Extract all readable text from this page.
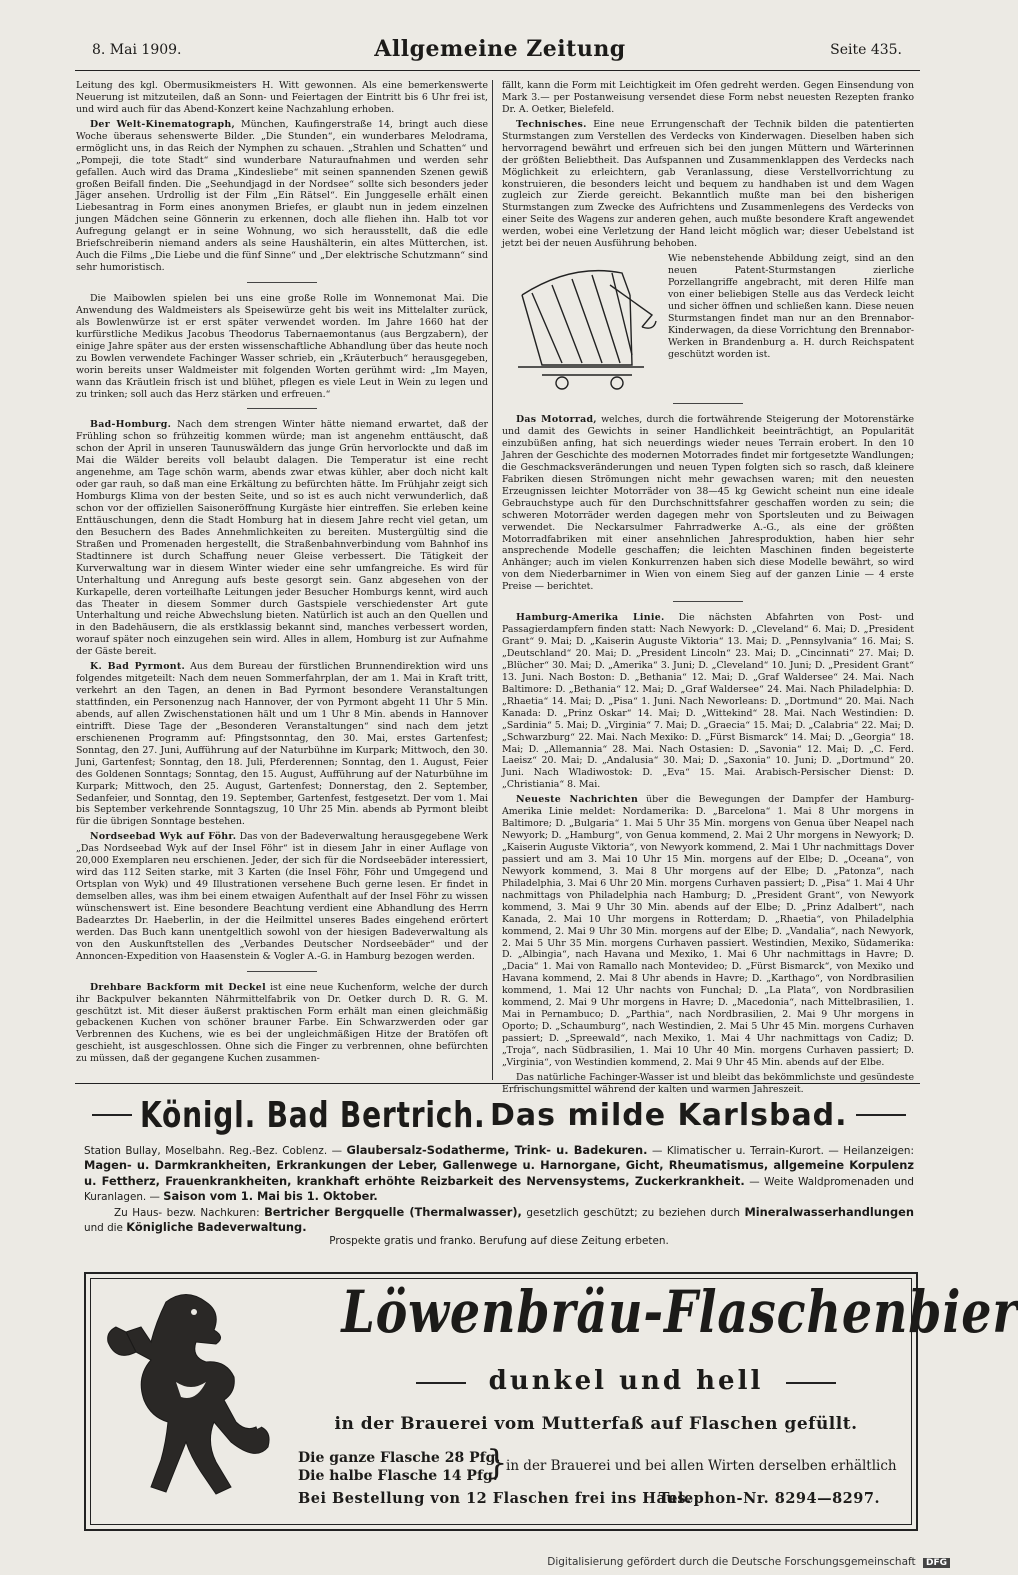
8. Mai 1909.	Allgemeine Zeitung	Seite 435.

Leitung des kgl. Obermusikmeisters H. Witt gewonnen. Als eine bemerkenswerte Neuerung ist mitzuteilen, daß an Sonn- und Feiertagen der Eintritt bis 6 Uhr frei ist, und wird auch für das Abend-Konzert keine Nachzahlung erhoben.

Der Welt-Kinematograph, München, Kaufingerstraße 14, bringt auch diese Woche überaus sehenswerte Bilder. „Die Stunden“, ein wunderbares Melodrama, ermöglicht uns, in das Reich der Nymphen zu schauen. „Strahlen und Schatten“ und „Pompeji, die tote Stadt“ sind wunderbare Naturaufnahmen und werden sehr gefallen. Auch wird das Drama „Kindesliebe“ mit seinen spannenden Szenen gewiß großen Beifall finden. Die „Seehundjagd in der Nordsee“ sollte sich besonders jeder Jäger ansehen. Urdrollig ist der Film „Ein Rätsel“. Ein Junggeselle erhält einen Liebesantrag in Form eines anonymen Briefes, er glaubt nun in jedem einzelnen jungen Mädchen seine Gönnerin zu erkennen, doch alle fliehen ihn. Halb tot vor Aufregung gelangt er in seine Wohnung, wo sich herausstellt, daß die edle Briefschreiberin niemand anders als seine Haushälterin, ein altes Mütterchen, ist. Auch die Films „Die Liebe und die fünf Sinne“ und „Der elektrische Schutzmann“ sind sehr humoristisch.

Die Maibowlen spielen bei uns eine große Rolle im Wonnemonat Mai. Die Anwendung des Waldmeisters als Speisewürze geht bis weit ins Mittelalter zurück, als Bowlenwürze ist er erst später verwendet worden. Im Jahre 1660 hat der kurfürstliche Medikus Jacobus Theodorus Tabernaemontanus (aus Bergzabern), der einige Jahre später aus der ersten wissenschaftliche Abhandlung über das heute noch zu Bowlen verwendete Fachinger Wasser schrieb, ein „Kräuterbuch“ herausgegeben, worin bereits unser Waldmeister mit folgenden Worten gerühmt wird: „Im Mayen, wann das Kräutlein frisch ist und blühet, pflegen es viele Leut in Wein zu legen und zu trinken; soll auch das Herz stärken und erfreuen.“

Bad-Homburg. Nach dem strengen Winter hätte niemand erwartet, daß der Frühling schon so frühzeitig kommen würde; man ist angenehm enttäuscht, daß schon der April in unseren Taunuswäldern das junge Grün hervorlockte und daß im Mai die Wälder bereits voll belaubt dalagen. Die Temperatur ist eine recht angenehme, am Tage schön warm, abends zwar etwas kühler, aber doch nicht kalt oder gar rauh, so daß man eine Erkältung zu befürchten hätte. Im Frühjahr zeigt sich Homburgs Klima von der besten Seite, und so ist es auch nicht verwunderlich, daß schon vor der offiziellen Saisoneröffnung Kurgäste hier eintreffen. Sie erleben keine Enttäuschungen, denn die Stadt Homburg hat in diesem Jahre recht viel getan, um den Besuchern des Bades Annehmlichkeiten zu bereiten. Mustergültig sind die Straßen und Promenaden hergestellt, die Straßenbahnverbindung vom Bahnhof ins Stadtinnere ist durch Schaffung neuer Gleise verbessert. Die Tätigkeit der Kurverwaltung war in diesem Winter wieder eine sehr umfangreiche. Es wird für Unterhaltung und Anregung aufs beste gesorgt sein. Ganz abgesehen von der Kurkapelle, deren vorteilhafte Leitungen jeder Besucher Homburgs kennt, wird auch das Theater in diesem Sommer durch Gastspiele verschiedenster Art gute Unterhaltung und reiche Abwechslung bieten. Natürlich ist auch an den Quellen und in den Badehäusern, die als erstklassig bekannt sind, manches verbessert worden, worauf später noch einzugehen sein wird. Alles in allem, Homburg ist zur Aufnahme der Gäste bereit.

K. Bad Pyrmont. Aus dem Bureau der fürstlichen Brunnendirektion wird uns folgendes mitgeteilt: Nach dem neuen Sommerfahrplan, der am 1. Mai in Kraft tritt, verkehrt an den Tagen, an denen in Bad Pyrmont besondere Veranstaltungen stattfinden, ein Personenzug nach Hannover, der von Pyrmont abgeht 11 Uhr 5 Min. abends, auf allen Zwischenstationen hält und um 1 Uhr 8 Min. abends in Hannover eintrifft. Diese Tage der „Besonderen Veranstaltungen“ sind nach dem jetzt erschienenen Programm auf: Pfingstsonntag, den 30. Mai, erstes Gartenfest; Sonntag, den 27. Juni, Aufführung auf der Naturbühne im Kurpark; Mittwoch, den 30. Juni, Gartenfest; Sonntag, den 18. Juli, Pferderennen; Sonntag, den 1. August, Feier des Goldenen Sonntags; Sonntag, den 15. August, Aufführung auf der Naturbühne im Kurpark; Mittwoch, den 25. August, Gartenfest; Donnerstag, den 2. September, Sedanfeier, und Sonntag, den 19. September, Gartenfest, festgesetzt. Der vom 1. Mai bis September verkehrende Sonntagszug, 10 Uhr 25 Min. abends ab Pyrmont bleibt für die übrigen Sonntage bestehen.

Nordseebad Wyk auf Föhr. Das von der Badeverwaltung herausgegebene Werk „Das Nordseebad Wyk auf der Insel Föhr“ ist in diesem Jahr in einer Auflage von 20,000 Exemplaren neu erschienen. Jeder, der sich für die Nordseebäder interessiert, wird das 112 Seiten starke, mit 3 Karten (die Insel Föhr, Föhr und Umgegend und Ortsplan von Wyk) und 49 Illustrationen versehene Buch gerne lesen. Er findet in demselben alles, was ihm bei einem etwaigen Aufenthalt auf der Insel Föhr zu wissen wünschenswert ist. Eine besondere Beachtung verdient eine Abhandlung des Herrn Badearztes Dr. Haeberlin, in der die Heilmittel unseres Bades eingehend erörtert werden. Das Buch kann unentgeltlich sowohl von der hiesigen Badeverwaltung als von den Auskunftstellen des „Verbandes Deutscher Nordseebäder“ und der Annoncen-Expedition von Haasenstein & Vogler A.-G. in Hamburg bezogen werden.

Drehbare Backform mit Deckel ist eine neue Kuchenform, welche der durch ihr Backpulver bekannten Nährmittelfabrik von Dr. Oetker durch D. R. G. M. geschützt ist. Mit dieser äußerst praktischen Form erhält man einen gleichmäßig gebackenen Kuchen von schöner brauner Farbe. Ein Schwarzwerden oder gar Verbrennen des Kuchens, wie es bei der ungleichmäßigen Hitze der Bratöfen oft geschieht, ist ausgeschlossen. Ohne sich die Finger zu verbrennen, ohne befürchten zu müssen, daß der gegangene Kuchen zusammen-

fällt, kann die Form mit Leichtigkeit im Ofen gedreht werden. Gegen Einsendung von Mark 3.— per Postanweisung versendet diese Form nebst neuesten Rezepten franko Dr. A. Oetker, Bielefeld.

Technisches. Eine neue Errungenschaft der Technik bilden die patentierten Sturmstangen zum Verstellen des Verdecks von Kinderwagen. Dieselben haben sich hervorragend bewährt und erfreuen sich bei den jungen Müttern und Wärterinnen der größten Beliebtheit. Das Aufspannen und Zusammenklappen des Verdecks nach Möglichkeit zu erleichtern, gab Veranlassung, diese Verstellvorrichtung zu konstruieren, die besonders leicht und bequem zu handhaben ist und dem Wagen zugleich zur Zierde gereicht. Bekanntlich mußte man bei den bisherigen Sturmstangen zum Zwecke des Aufrichtens und Zusammenlegens des Verdecks von einer Seite des Wagens zur anderen gehen, auch mußte besondere Kraft angewendet werden, wobei eine Verletzung der Hand leicht möglich war; dieser Uebelstand ist jetzt bei der neuen Ausführung behoben.

Wie nebenstehende Abbildung zeigt, sind an den neuen Patent-Sturmstangen zierliche Porzellangriffe angebracht, mit deren Hilfe man von einer beliebigen Stelle aus das Verdeck leicht und sicher öffnen und schließen kann. Diese neuen Sturmstangen findet man nur an den Brennabor-Kinderwagen, da diese Vorrichtung den Brennabor-Werken in Brandenburg a. H. durch Reichspatent geschützt worden ist.

Das Motorrad, welches, durch die fortwährende Steigerung der Motorenstärke und damit des Gewichts in seiner Handlichkeit beeinträchtigt, an Popularität einzubüßen anfing, hat sich neuerdings wieder neues Terrain erobert. In den 10 Jahren der Geschichte des modernen Motorrades findet mir fortgesetzte Wandlungen; die Geschmacksveränderungen und neuen Typen folgten sich so rasch, daß kleinere Fabriken diesen Strömungen nicht mehr gewachsen waren; mit den neuesten Erzeugnissen leichter Motorräder von 38—45 kg Gewicht scheint nun eine ideale Gebrauchstype auch für den Durchschnittsfahrer geschaffen worden zu sein; die schweren Motorräder werden dagegen mehr von Sportsleuten und zu Beiwagen verwendet. Die Neckarsulmer Fahrradwerke A.-G., als eine der größten Motorradfabriken mit einer ansehnlichen Jahresproduktion, haben hier sehr ansprechende Modelle geschaffen; die leichten Maschinen finden begeisterte Anhänger; auch im vielen Konkurrenzen haben sich diese Modelle bewährt, so wird von dem Niederbarnimer in Wien von einem Sieg auf der ganzen Linie — 4 erste Preise — berichtet.

Hamburg-Amerika Linie. Die nächsten Abfahrten von Post- und Passagierdampfern finden statt: Nach Newyork: D. „Cleveland“ 6. Mai; D. „President Grant“ 9. Mai; D. „Kaiserin Auguste Viktoria“ 13. Mai; D. „Pennsylvania“ 16. Mai; S. „Deutschland“ 20. Mai; D. „President Lincoln“ 23. Mai; D. „Cincinnati“ 27. Mai; D. „Blücher“ 30. Mai; D. „Amerika“ 3. Juni; D. „Cleveland“ 10. Juni; D. „President Grant“ 13. Juni. Nach Boston: D. „Bethania“ 12. Mai; D. „Graf Waldersee“ 24. Mai. Nach Baltimore: D. „Bethania“ 12. Mai; D. „Graf Waldersee“ 24. Mai. Nach Philadelphia: D. „Rhaetia“ 14. Mai; D. „Pisa“ 1. Juni. Nach Neworleans: D. „Dortmund“ 20. Mai. Nach Kanada: D. „Prinz Oskar“ 14. Mai; D. „Wittekind“ 28. Mai. Nach Westindien: D. „Sardinia“ 5. Mai; D. „Virginia“ 7. Mai; D. „Graecia“ 15. Mai; D. „Calabria“ 22. Mai; D. „Schwarzburg“ 22. Mai. Nach Mexiko: D. „Fürst Bismarck“ 14. Mai; D. „Georgia“ 18. Mai; D. „Allemannia“ 28. Mai. Nach Ostasien: D. „Savonia“ 12. Mai; D. „C. Ferd. Laeisz“ 20. Mai; D. „Andalusia“ 30. Mai; D. „Saxonia“ 10. Juni; D. „Dortmund“ 20. Juni. Nach Wladiwostok: D. „Eva“ 15. Mai. Arabisch-Persischer Dienst: D. „Christiania“ 8. Mai.

Neueste Nachrichten über die Bewegungen der Dampfer der Hamburg-Amerika Linie meldet: Nordamerika: D. „Barcelona“ 1. Mai 8 Uhr morgens in Baltimore; D. „Bulgaria“ 1. Mai 5 Uhr 35 Min. morgens von Genua über Neapel nach Newyork; D. „Hamburg“, von Genua kommend, 2. Mai 2 Uhr morgens in Newyork; D. „Kaiserin Auguste Viktoria“, von Newyork kommend, 2. Mai 1 Uhr nachmittags Dover passiert und am 3. Mai 10 Uhr 15 Min. morgens auf der Elbe; D. „Oceana“, von Newyork kommend, 3. Mai 8 Uhr morgens auf der Elbe; D. „Patonza“, nach Philadelphia, 3. Mai 6 Uhr 20 Min. morgens Curhaven passiert; D. „Pisa“ 1. Mai 4 Uhr nachmittags von Philadelphia nach Hamburg; D. „President Grant“, von Newyork kommend, 3. Mai 9 Uhr 30 Min. abends auf der Elbe; D. „Prinz Adalbert“, nach Kanada, 2. Mai 10 Uhr morgens in Rotterdam; D. „Rhaetia“, von Philadelphia kommend, 2. Mai 9 Uhr 30 Min. morgens auf der Elbe; D. „Vandalia“, nach Newyork, 2. Mai 5 Uhr 35 Min. morgens Curhaven passiert. Westindien, Mexiko, Südamerika: D. „Albingia“, nach Havana und Mexiko, 1. Mai 6 Uhr nachmittags in Havre; D. „Dacia“ 1. Mai von Ramallo nach Montevideo; D. „Fürst Bismarck“, von Mexiko und Havana kommend, 2. Mai 8 Uhr abends in Havre; D. „Karthago“, von Nordbrasilien kommend, 1. Mai 12 Uhr nachts von Funchal; D. „La Plata“, von Nordbrasilien kommend, 2. Mai 9 Uhr morgens in Havre; D. „Macedonia“, nach Mittelbrasilien, 1. Mai in Pernambuco; D. „Parthia“, nach Nordbrasilien, 2. Mai 9 Uhr morgens in Oporto; D. „Schaumburg“, nach Westindien, 2. Mai 5 Uhr 45 Min. morgens Curhaven passiert; D. „Spreewald“, nach Mexiko, 1. Mai 4 Uhr nachmittags von Cadiz; D. „Troja“, nach Südbrasilien, 1. Mai 10 Uhr 40 Min. morgens Curhaven passiert; D. „Virginia“, von Westindien kommend, 2. Mai 9 Uhr 45 Min. abends auf der Elbe.

Das natürliche Fachinger-Wasser ist und bleibt das bekömmlichste und gesündeste Erfrischungsmittel während der kalten und warmen Jahreszeit.

Königl. Bad Bertrich. Das milde Karlsbad.
Station Bullay, Moselbahn. Reg.-Bez. Coblenz. — Glaubersalz-Sodatherme, Trink- u. Badekuren. — Klimatischer u. Terrain-Kurort. — Heilanzeigen: Magen- u. Darmkrankheiten, Erkrankungen der Leber, Gallenwege u. Harnorgane, Gicht, Rheumatismus, allgemeine Korpulenz u. Fettherz, Frauenkrankheiten, krankhaft erhöhte Reizbarkeit des Nervensystems, Zuckerkrankheit. — Weite Waldpromenaden und Kuranlagen. — Saison vom 1. Mai bis 1. Oktober.
Zu Haus- bezw. Nachkuren: Bertricher Bergquelle (Thermalwasser), gesetzlich geschützt; zu beziehen durch Mineralwasserhandlungen und die Königliche Badeverwaltung.
Prospekte gratis und franko. Berufung auf diese Zeitung erbeten.
Löwenbräu-Flaschenbier
dunkel und hell
in der Brauerei vom Mutterfaß auf Flaschen gefüllt.
Die ganze Flasche 28 Pfg.
Die halbe Flasche 14 Pfg.
}
in der Brauerei und bei allen Wirten derselben erhältlich
Bei Bestellung von 12 Flaschen frei ins Haus.
Telephon-Nr. 8294—8297.
Digitalisierung gefördert durch die Deutsche Forschungsgemeinschaft DFG
